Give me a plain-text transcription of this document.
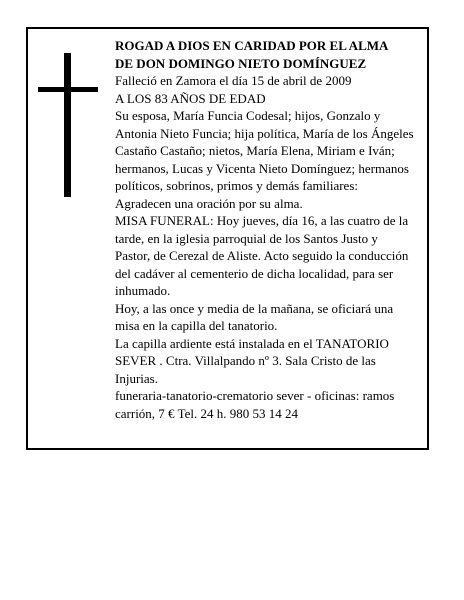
ROGAD A DIOS EN CARIDAD POR EL ALMA

DE DON DOMINGO NIETO DOMÍNGUEZ

Falleció en Zamora el día 15 de abril de 2009

A LOS 83 AÑOS DE EDAD

Su esposa, María Funcia Codesal; hijos, Gonzalo y Antonia Nieto Funcia; hija política, María de los Ángeles Castaño Castaño; nietos, María Elena, Miriam e Iván; hermanos, Lucas y Vicenta Nieto Domínguez; hermanos políticos, sobrinos, primos y demás familiares:

Agradecen una oración por su alma.

MISA FUNERAL: Hoy jueves, día 16, a las cuatro de la tarde, en la iglesia parroquial de los Santos Justo y Pastor, de Cerezal de Aliste. Acto seguido la conducción del cadáver al cementerio de dicha localidad, para ser inhumado.

Hoy, a las once y media de la mañana, se oficiará una misa en la capilla del tanatorio.

La capilla ardiente está instalada en el TANATORIO SEVER . Ctra. Villalpando nº 3. Sala Cristo de las Injurias.

funeraria-tanatorio-crematorio sever - oficinas: ramos carrión, 7 € Tel. 24 h. 980 53 14 24
